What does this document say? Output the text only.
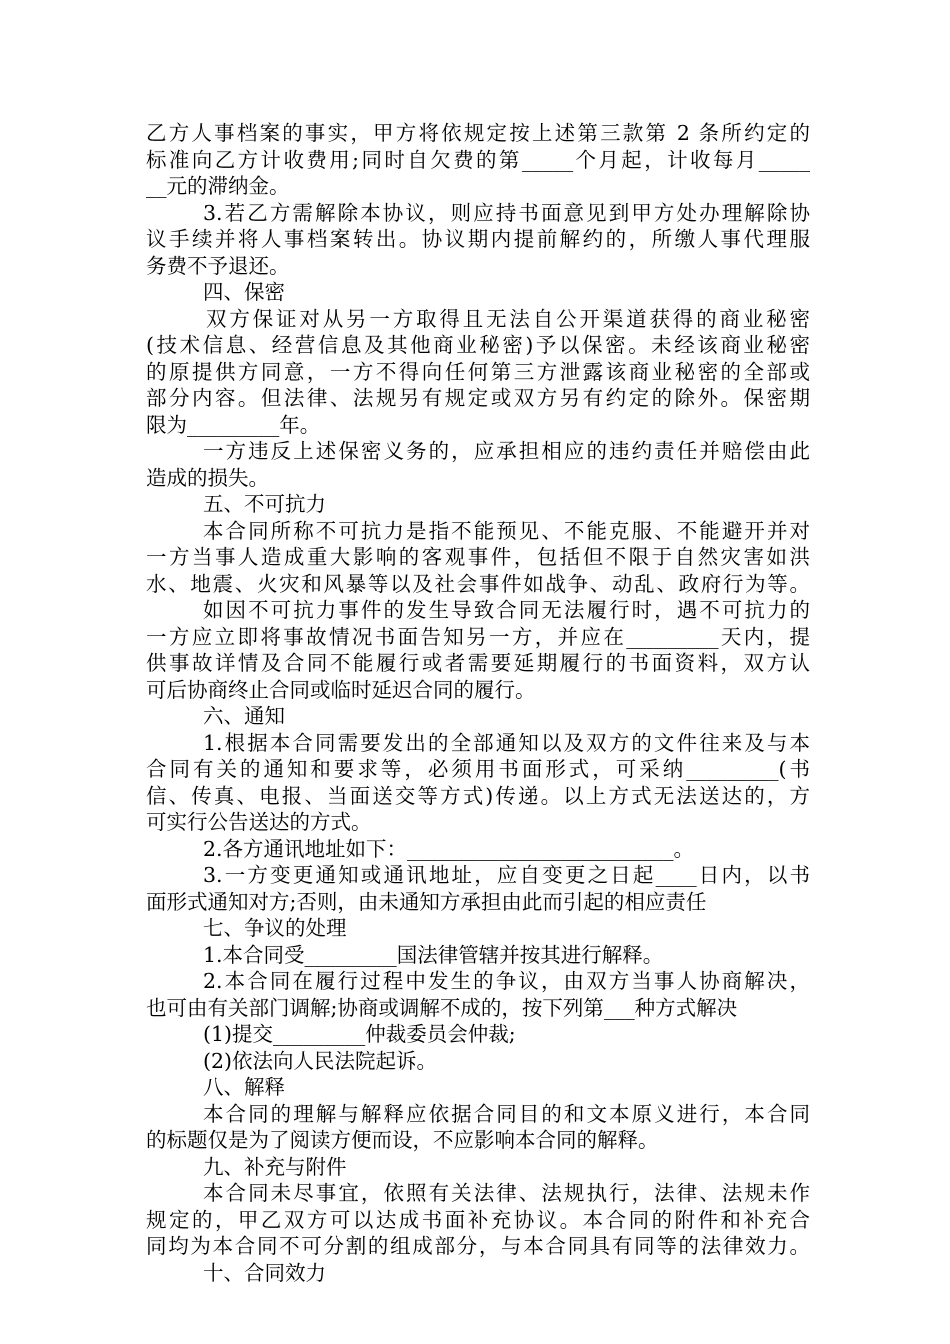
乙方人事档案的事实，甲方将依规定按上述第三款第 2 条所约定的
标准向乙方计收费用;同时自欠费的第_____个月起，计收每月_____
__元的滞纳金。
3.若乙方需解除本协议，则应持书面意见到甲方处办理解除协
议手续并将人事档案转出。协议期内提前解约的，所缴人事代理服
务费不予退还。
四、保密
双方保证对从另一方取得且无法自公开渠道获得的商业秘密
(技术信息、经营信息及其他商业秘密)予以保密。未经该商业秘密
的原提供方同意，一方不得向任何第三方泄露该商业秘密的全部或
部分内容。但法律、法规另有规定或双方另有约定的除外。保密期
限为_________年。
一方违反上述保密义务的，应承担相应的违约责任并赔偿由此
造成的损失。
五、不可抗力
本合同所称不可抗力是指不能预见、不能克服、不能避开并对
一方当事人造成重大影响的客观事件，包括但不限于自然灾害如洪
水、地震、火灾和风暴等以及社会事件如战争、动乱、政府行为等。
如因不可抗力事件的发生导致合同无法履行时，遇不可抗力的
一方应立即将事故情况书面告知另一方，并应在_________天内，提
供事故详情及合同不能履行或者需要延期履行的书面资料，双方认
可后协商终止合同或临时延迟合同的履行。
六、通知
1.根据本合同需要发出的全部通知以及双方的文件往来及与本
合同有关的通知和要求等，必须用书面形式，可采纳_________(书
信、传真、电报、当面送交等方式)传递。以上方式无法送达的，方
可实行公告送达的方式。
2.各方通讯地址如下：__________________________。
3.一方变更通知或通讯地址，应自变更之日起____日内，以书
面形式通知对方;否则，由未通知方承担由此而引起的相应责任
七、争议的处理
1.本合同受_________国法律管辖并按其进行解释。
2.本合同在履行过程中发生的争议，由双方当事人协商解决，
也可由有关部门调解;协商或调解不成的，按下列第___种方式解决
(1)提交_________仲裁委员会仲裁;
(2)依法向人民法院起诉。
八、解释
本合同的理解与解释应依据合同目的和文本原义进行，本合同
的标题仅是为了阅读方便而设，不应影响本合同的解释。
九、补充与附件
本合同未尽事宜，依照有关法律、法规执行，法律、法规未作
规定的，甲乙双方可以达成书面补充协议。本合同的附件和补充合
同均为本合同不可分割的组成部分，与本合同具有同等的法律效力。
十、合同效力
